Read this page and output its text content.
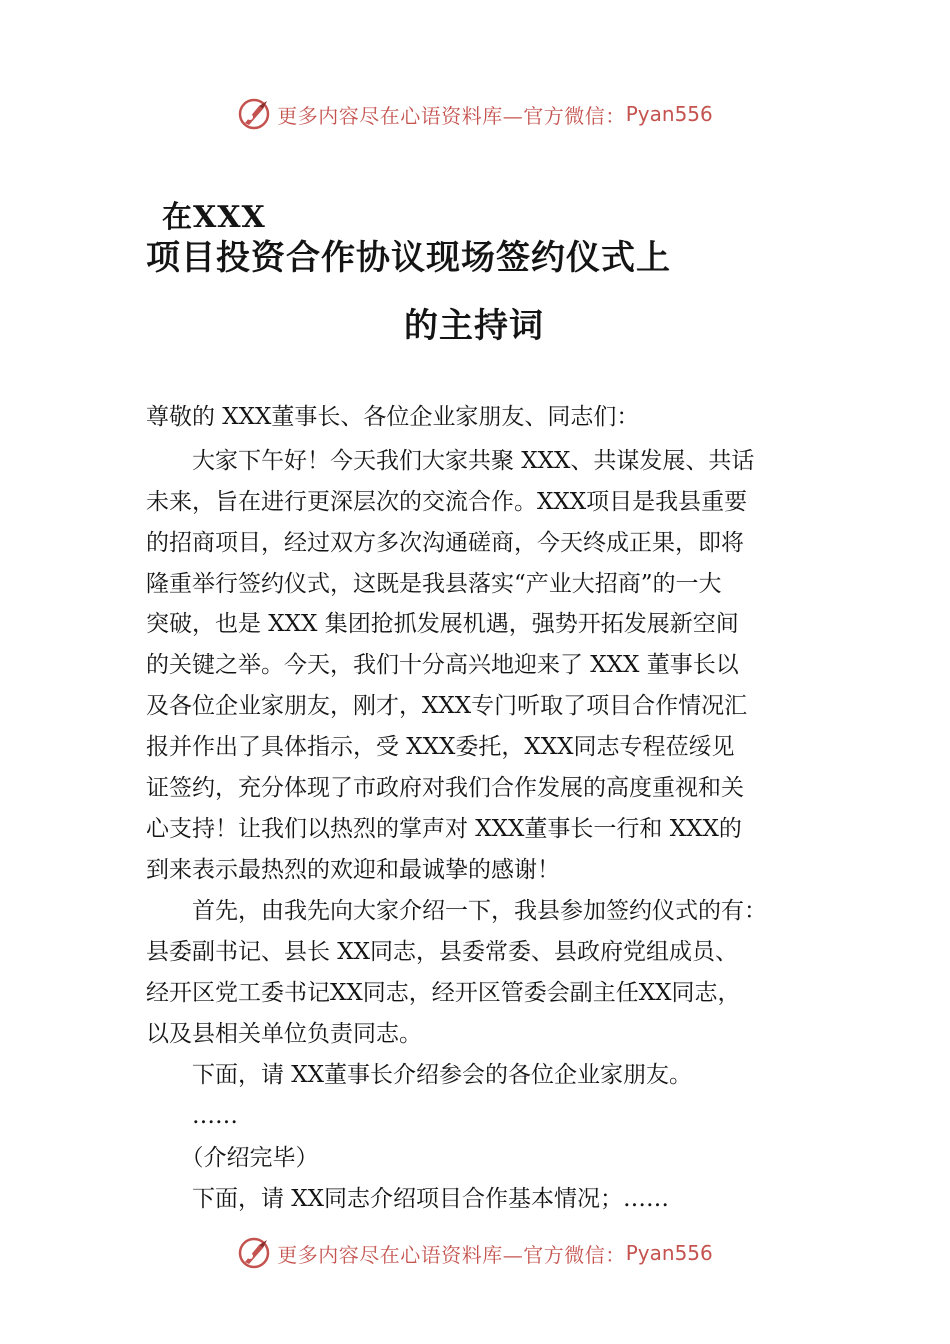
更多内容尽在心语资料库—官方微信： Pyan556
在XXX
项目投资合作协议现场签约仪式上
的主持词
尊敬的 XXX董事长、各位企业家朋友、同志们：
　　大家下午好！今天我们大家共聚 XXX、共谋发展、共话
未来，旨在进行更深层次的交流合作。XXX项目是我县重要
的招商项目，经过双方多次沟通磋商，今天终成正果，即将
隆重举行签约仪式，这既是我县落实“产业大招商”的一大
突破，也是 XXX 集团抢抓发展机遇，强势开拓发展新空间
的关键之举。今天，我们十分高兴地迎来了 XXX 董事长以
及各位企业家朋友，刚才，XXX专门听取了项目合作情况汇
报并作出了具体指示，受 XXX委托，XXX同志专程莅绥见
证签约，充分体现了市政府对我们合作发展的高度重视和关
心支持！让我们以热烈的掌声对 XXX董事长一行和 XXX的
到来表示最热烈的欢迎和最诚挚的感谢！
　　首先，由我先向大家介绍一下，我县参加签约仪式的有：
县委副书记、县长 XX同志，县委常委、县政府党组成员、
经开区党工委书记XX同志，经开区管委会副主任XX同志，
以及县相关单位负责同志。
　　下面，请 XX董事长介绍参会的各位企业家朋友。
　　……
　　（介绍完毕）
　　下面，请 XX同志介绍项目合作基本情况；……
更多内容尽在心语资料库—官方微信： Pyan556
